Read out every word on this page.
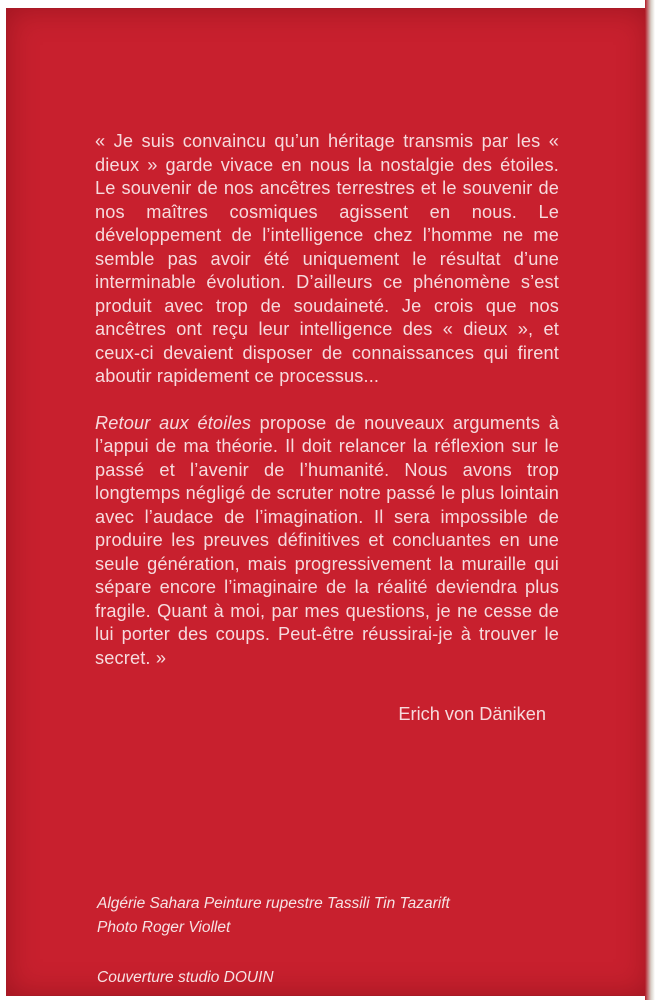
« Je suis convaincu qu’un héritage transmis par les « dieux » garde vivace en nous la nostalgie des étoiles. Le souvenir de nos ancêtres terrestres et le souvenir de nos maîtres cosmiques agissent en nous. Le développement de l’intelligence chez l’homme ne me semble pas avoir été uniquement le résultat d’une interminable évolution. D’ailleurs ce phénomène s’est produit avec trop de soudaineté. Je crois que nos ancêtres ont reçu leur intelligence des « dieux », et ceux-ci devaient disposer de connaissances qui firent aboutir rapidement ce processus...

Retour aux étoiles propose de nouveaux arguments à l’appui de ma théorie. Il doit relancer la réflexion sur le passé et l’avenir de l’humanité. Nous avons trop longtemps négligé de scruter notre passé le plus lointain avec l’audace de l’imagination. Il sera impossible de produire les preuves définitives et concluantes en une seule génération, mais progressivement la muraille qui sépare encore l’imaginaire de la réalité deviendra plus fragile. Quant à moi, par mes questions, je ne cesse de lui porter des coups. Peut-être réussirai-je à trouver le secret. »

Erich von Däniken
Algérie Sahara Peinture rupestre Tassili Tin Tazarift
Photo Roger Viollet
Couverture studio DOUIN
